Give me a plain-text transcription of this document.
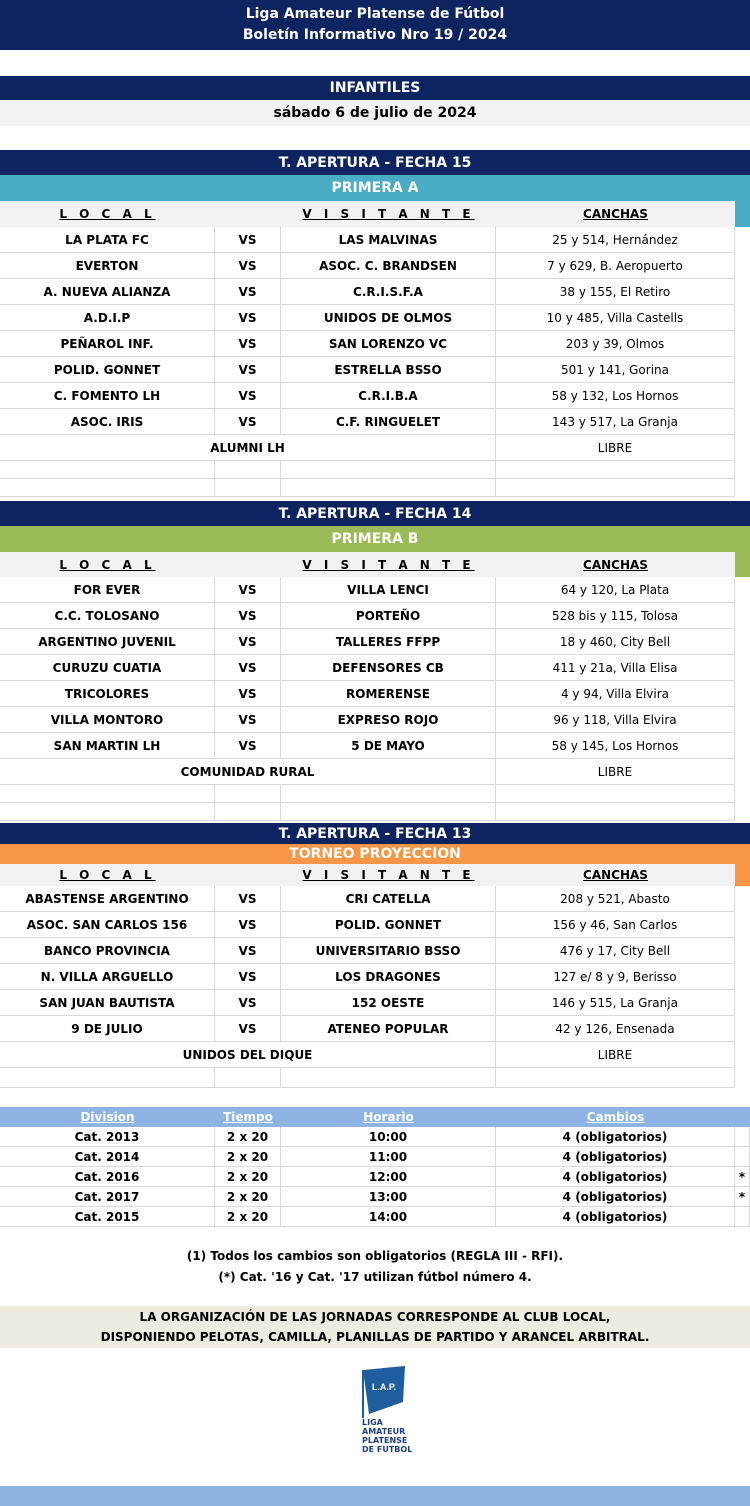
Liga Amateur Platense de Fútbol
Boletín Informativo Nro 19 / 2024
INFANTILES
sábado 6 de julio de 2024
T. APERTURA - FECHA 15
PRIMERA A
L O C A L	V I S I T A N T E	CANCHAS
LA PLATA FC	VS	LAS MALVINAS	25 y 514, Hernández
EVERTON	VS	ASOC. C. BRANDSEN	7 y 629, B. Aeropuerto
A. NUEVA ALIANZA	VS	C.R.I.S.F.A	38 y 155, El Retiro
A.D.I.P	VS	UNIDOS DE OLMOS	10 y 485, Villa Castells
PEÑAROL INF.	VS	SAN LORENZO VC	203 y 39, Olmos
POLID. GONNET	VS	ESTRELLA BSSO	501 y 141, Gorina
C. FOMENTO LH	VS	C.R.I.B.A	58 y 132, Los Hornos
ASOC. IRIS	VS	C.F. RINGUELET	143 y 517, La Granja
ALUMNI LH	LIBRE
T. APERTURA - FECHA 14
PRIMERA B
L O C A L	V I S I T A N T E	CANCHAS
FOR EVER	VS	VILLA LENCI	64 y 120, La Plata
C.C. TOLOSANO	VS	PORTEÑO	528 bis y 115, Tolosa
ARGENTINO JUVENIL	VS	TALLERES FFPP	18 y 460, City Bell
CURUZU CUATIA	VS	DEFENSORES CB	411 y 21a, Villa Elisa
TRICOLORES	VS	ROMERENSE	4 y 94, Villa Elvira
VILLA MONTORO	VS	EXPRESO ROJO	96 y 118, Villa Elvira
SAN MARTIN LH	VS	5 DE MAYO	58 y 145, Los Hornos
COMUNIDAD RURAL	LIBRE
T. APERTURA - FECHA 13
TORNEO PROYECCION
L O C A L	V I S I T A N T E	CANCHAS
ABASTENSE ARGENTINO	VS	CRI CATELLA	208 y 521, Abasto
ASOC. SAN CARLOS 156	VS	POLID. GONNET	156 y 46, San Carlos
BANCO PROVINCIA	VS	UNIVERSITARIO BSSO	476 y 17, City Bell
N. VILLA ARGUELLO	VS	LOS DRAGONES	127 e/ 8 y 9, Berisso
SAN JUAN BAUTISTA	VS	152 OESTE	146 y 515, La Granja
9 DE JULIO	VS	ATENEO POPULAR	42 y 126, Ensenada
UNIDOS DEL DIQUE	LIBRE
Division	Tiempo	Horario	Cambios
Cat. 2013	2 x 20	10:00	4 (obligatorios)
Cat. 2014	2 x 20	11:00	4 (obligatorios)
Cat. 2016	2 x 20	12:00	4 (obligatorios)	*
Cat. 2017	2 x 20	13:00	4 (obligatorios)	*
Cat. 2015	2 x 20	14:00	4 (obligatorios)
(1) Todos los cambios son obligatorios (REGLA III - RFI).
(*) Cat. '16 y Cat. '17 utilizan fútbol número 4.
LA ORGANIZACIÓN DE LAS JORNADAS CORRESPONDE AL CLUB LOCAL,
DISPONIENDO PELOTAS, CAMILLA, PLANILLAS DE PARTIDO Y ARANCEL ARBITRAL.
L.A.P.
LIGA
AMATEUR
PLATENSE
DE FUTBOL
